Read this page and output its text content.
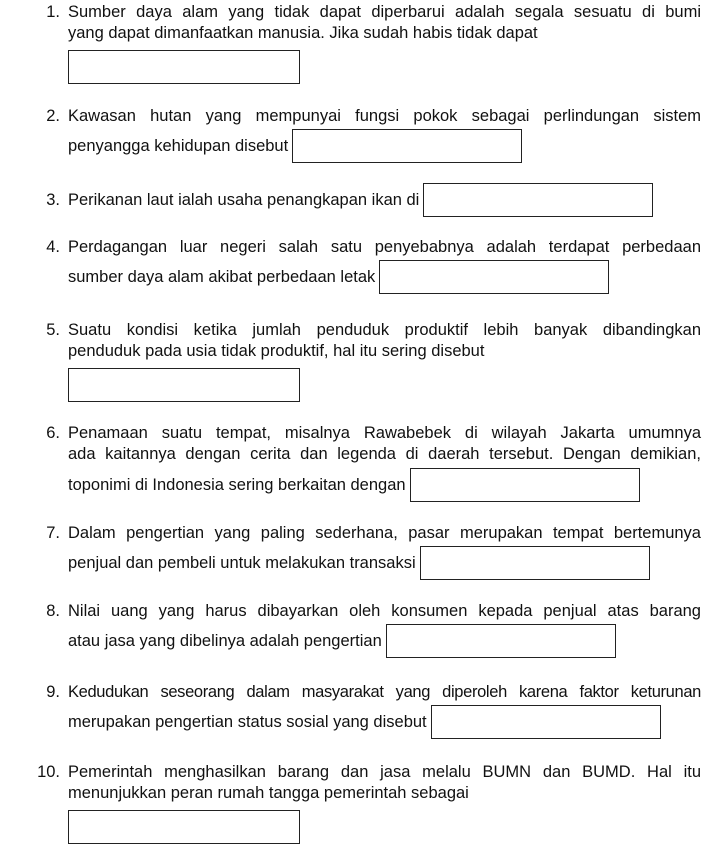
1. Sumber daya alam yang tidak dapat diperbarui adalah segala sesuatu di bumi
yang dapat dimanfaatkan manusia. Jika sudah habis tidak dapat
2. Kawasan hutan yang mempunyai fungsi pokok sebagai perlindungan sistem
penyangga kehidupan disebut
3. Perikanan laut ialah usaha penangkapan ikan di
4. Perdagangan luar negeri salah satu penyebabnya adalah terdapat perbedaan
sumber daya alam akibat perbedaan letak
5. Suatu kondisi ketika jumlah penduduk produktif lebih banyak dibandingkan
penduduk pada usia tidak produktif, hal itu sering disebut
6. Penamaan suatu tempat, misalnya Rawabebek di wilayah Jakarta umumnya
ada kaitannya dengan cerita dan legenda di daerah tersebut. Dengan demikian,
toponimi di Indonesia sering berkaitan dengan
7. Dalam pengertian yang paling sederhana, pasar merupakan tempat bertemunya
penjual dan pembeli untuk melakukan transaksi
8. Nilai uang yang harus dibayarkan oleh konsumen kepada penjual atas barang
atau jasa yang dibelinya adalah pengertian
9. Kedudukan seseorang dalam masyarakat yang diperoleh karena faktor keturunan
merupakan pengertian status sosial yang disebut
10. Pemerintah menghasilkan barang dan jasa melalu BUMN dan BUMD. Hal itu
menunjukkan peran rumah tangga pemerintah sebagai
